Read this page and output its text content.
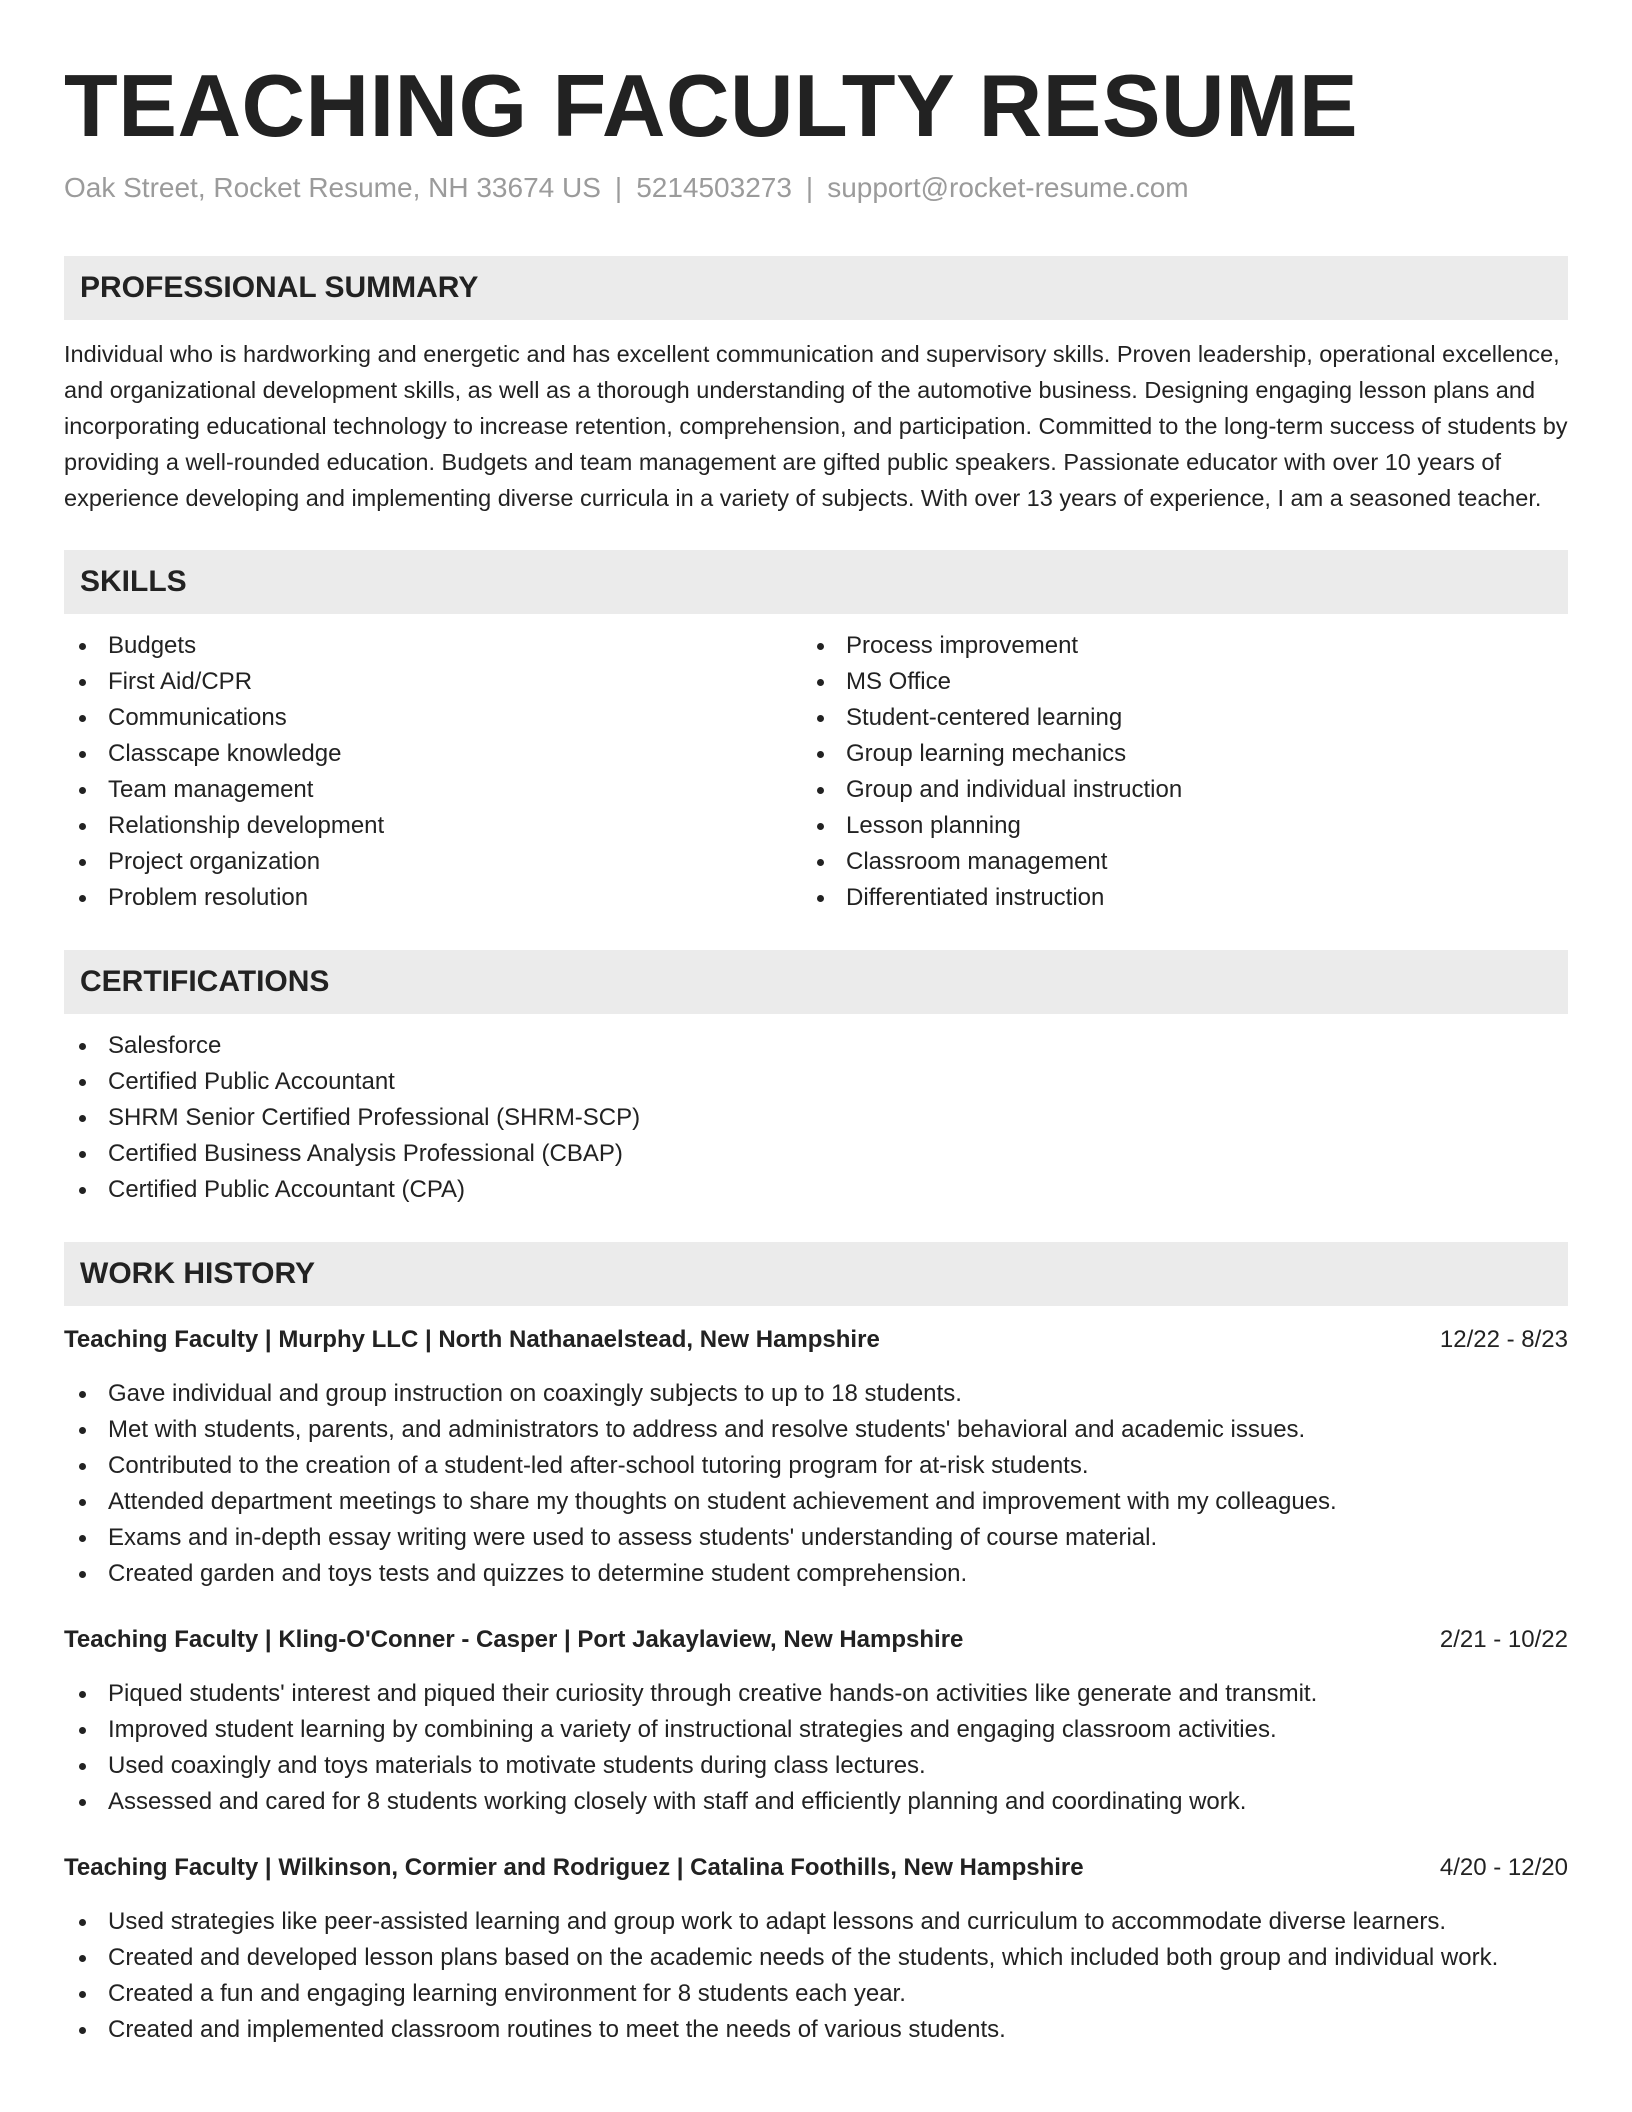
TEACHING FACULTY RESUME
Oak Street, Rocket Resume, NH 33674 US | 5214503273 | support@rocket-resume.com
PROFESSIONAL SUMMARY

Individual who is hardworking and energetic and has excellent communication and supervisory skills. Proven leadership, operational excellence, and organizational development skills, as well as a thorough understanding of the automotive business. Designing engaging lesson plans and incorporating educational technology to increase retention, comprehension, and participation. Committed to the long-term success of students by providing a well-rounded education. Budgets and team management are gifted public speakers. Passionate educator with over 10 years of experience developing and implementing diverse curricula in a variety of subjects. With over 13 years of experience, I am a seasoned teacher.

SKILLS
Budgets
First Aid/CPR
Communications
Classcape knowledge
Team management
Relationship development
Project organization
Problem resolution
Process improvement
MS Office
Student-centered learning
Group learning mechanics
Group and individual instruction
Lesson planning
Classroom management
Differentiated instruction
CERTIFICATIONS
Salesforce
Certified Public Accountant
SHRM Senior Certified Professional (SHRM-SCP)
Certified Business Analysis Professional (CBAP)
Certified Public Accountant (CPA)
WORK HISTORY
Teaching Faculty | Murphy LLC | North Nathanaelstead, New Hampshire	12/22 - 8/23
Gave individual and group instruction on coaxingly subjects to up to 18 students.
Met with students, parents, and administrators to address and resolve students' behavioral and academic issues.
Contributed to the creation of a student-led after-school tutoring program for at-risk students.
Attended department meetings to share my thoughts on student achievement and improvement with my colleagues.
Exams and in-depth essay writing were used to assess students' understanding of course material.
Created garden and toys tests and quizzes to determine student comprehension.
Teaching Faculty | Kling-O'Conner - Casper | Port Jakaylaview, New Hampshire	2/21 - 10/22
Piqued students' interest and piqued their curiosity through creative hands-on activities like generate and transmit.
Improved student learning by combining a variety of instructional strategies and engaging classroom activities.
Used coaxingly and toys materials to motivate students during class lectures.
Assessed and cared for 8 students working closely with staff and efficiently planning and coordinating work.
Teaching Faculty | Wilkinson, Cormier and Rodriguez | Catalina Foothills, New Hampshire	4/20 - 12/20
Used strategies like peer-assisted learning and group work to adapt lessons and curriculum to accommodate diverse learners.
Created and developed lesson plans based on the academic needs of the students, which included both group and individual work.
Created a fun and engaging learning environment for 8 students each year.
Created and implemented classroom routines to meet the needs of various students.
